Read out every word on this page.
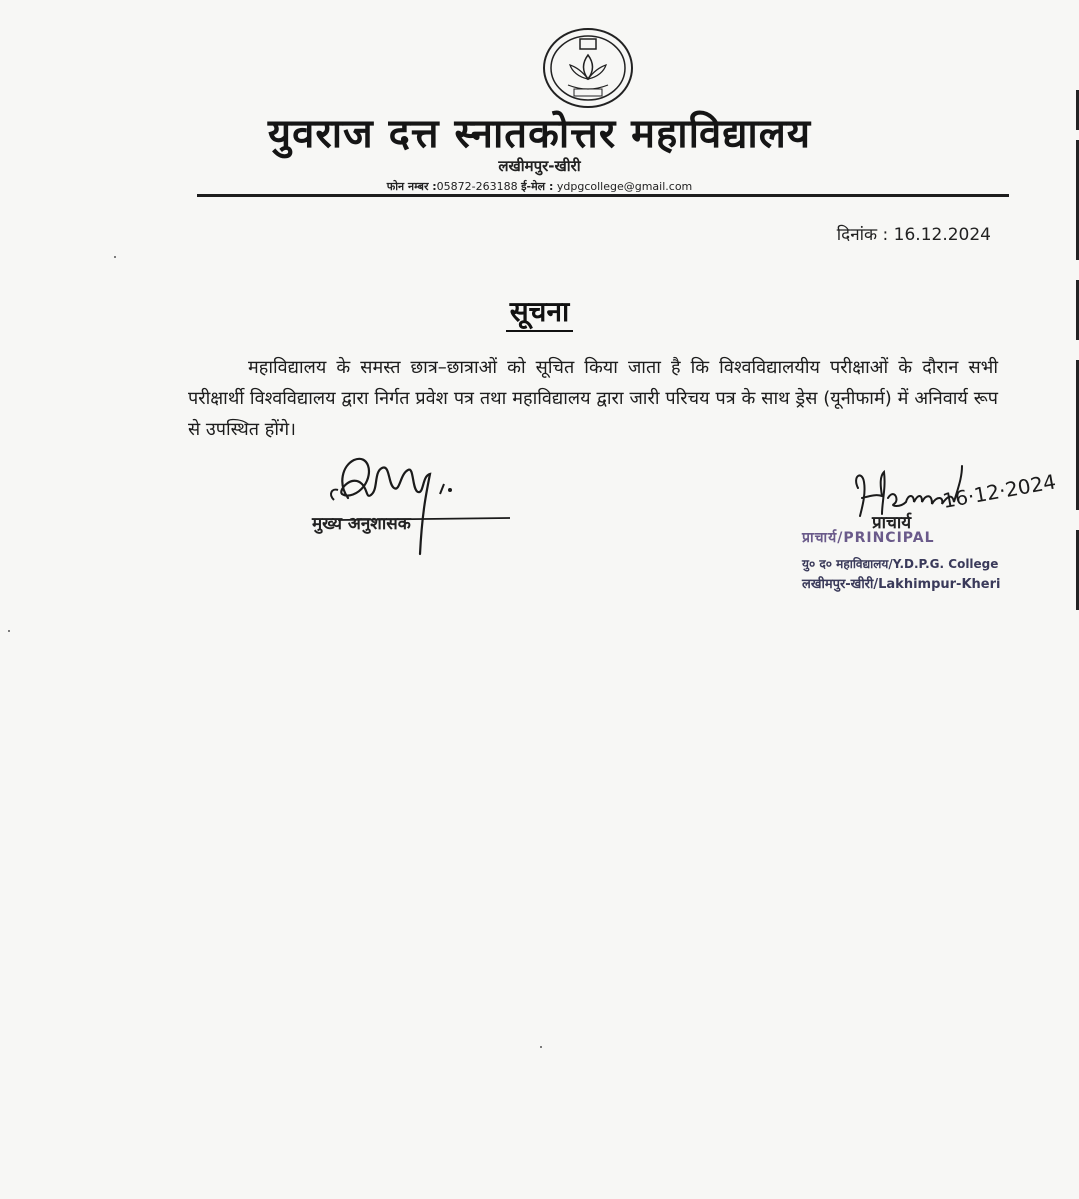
युवराज दत्त स्नातकोत्तर महाविद्यालय
लखीमपुर-खीरी
फोन नम्बर :05872-263188 ई-मेल : ydpgcollege@gmail.com
दिनांक : 16.12.2024
सूचना

महाविद्यालय के समस्त छात्र–छात्राओं को सूचित किया जाता है कि विश्वविद्यालयीय परीक्षाओं के दौरान सभी परीक्षार्थी विश्वविद्यालय द्वारा निर्गत प्रवेश पत्र तथा महाविद्यालय द्वारा जारी परिचय पत्र के साथ ड्रेस (यूनीफार्म) में अनिवार्य रूप से उपस्थित होंगे।

मुख्य अनुशासक
16·12·2024
प्राचार्य
प्राचार्य/PRINCIPAL
यु० द० महाविद्यालय/Y.D.P.G. College
लखीमपुर-खीरी/Lakhimpur-Kheri
